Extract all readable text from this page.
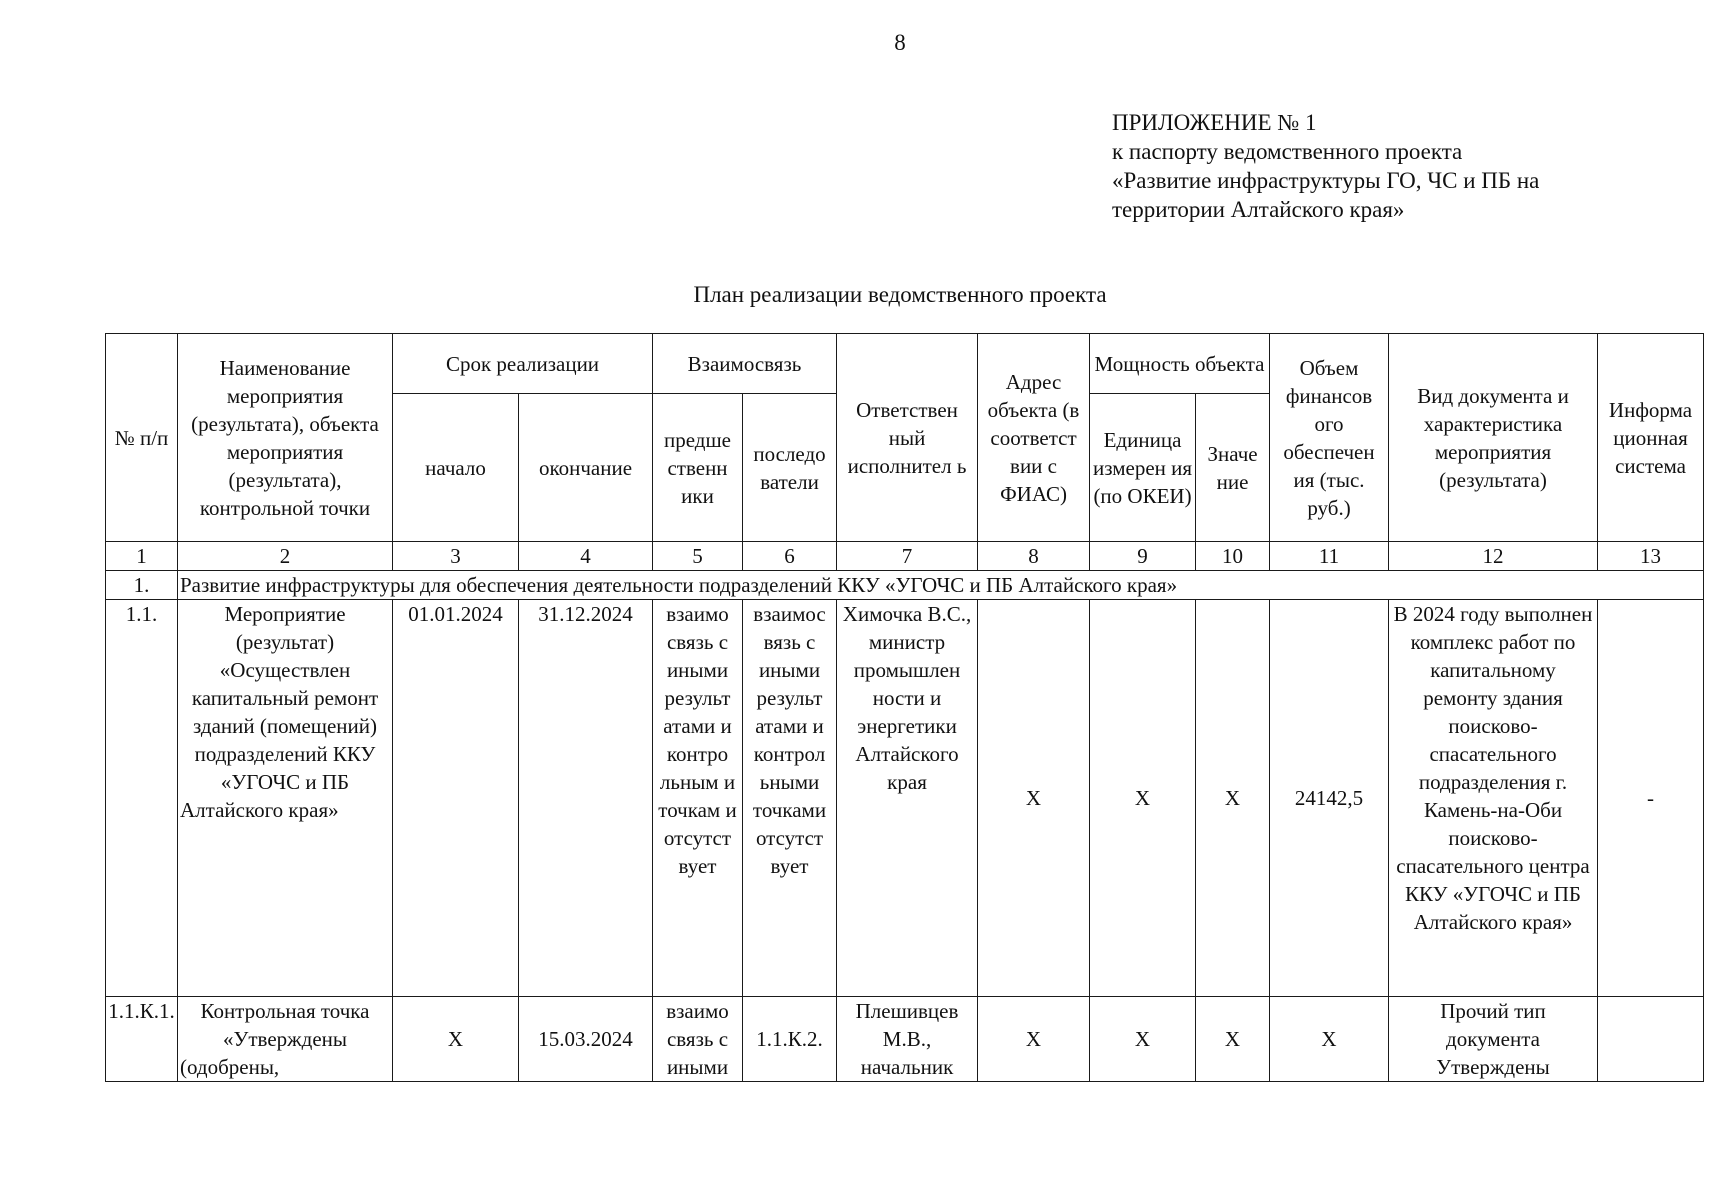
8
ПРИЛОЖЕНИЕ № 1
к паспорту ведомственного проекта
«Развитие инфраструктуры ГО, ЧС и ПБ на
территории Алтайского края»
План реализации ведомственного проекта
№ п/п	Наименование мероприятия (результата), объекта мероприятия (результата), контрольной точки	Срок реализации		Взаимосвязь		Ответствен ный исполнител ь	Адрес объекта (в соответст вии с ФИАС)	Мощность объекта		Объем финансов ого обеспечен ия (тыс. руб.)	Вид документа и характеристика мероприятия (результата)	Информа ционная система
		начало	окончание	предше ственн ики	последо ватели			Единица измерен ия (по ОКЕИ)	Значе ние			
1	2	3	4	5	6	7	8	9	10	11	12	13
1.	Развитие инфраструктуры для обеспечения деятельности подразделений ККУ «УГОЧС и ПБ Алтайского края»											
1.1.	Мероприятие (результат) «Осуществлен капитальный ремонт зданий (помещений) подразделений ККУ «УГОЧС и ПБ Алтайского края»	01.01.2024	31.12.2024	взаимо связь с иными результ атами и контро льным и точкам и отсутст вует	взаимос вязь с иными результ атами и контрол ьными точками отсутст вует	Химочка В.С., министр промышлен ности и энергетики Алтайского края	X	X	X	24142,5	В 2024 году выполнен комплекс работ по капитальному ремонту здания поисково-спасательного подразделения г. Камень-на-Оби поисково-спасательного центра ККУ «УГОЧС и ПБ Алтайского края»	-

1.1.К.1.	Контрольная точка «Утверждены (одобрены,	X	15.03.2024	взаимо связь с иными	1.1.К.2.	Плешивцев М.В., начальник	X	X	X	X	Прочий тип документа Утверждены	
